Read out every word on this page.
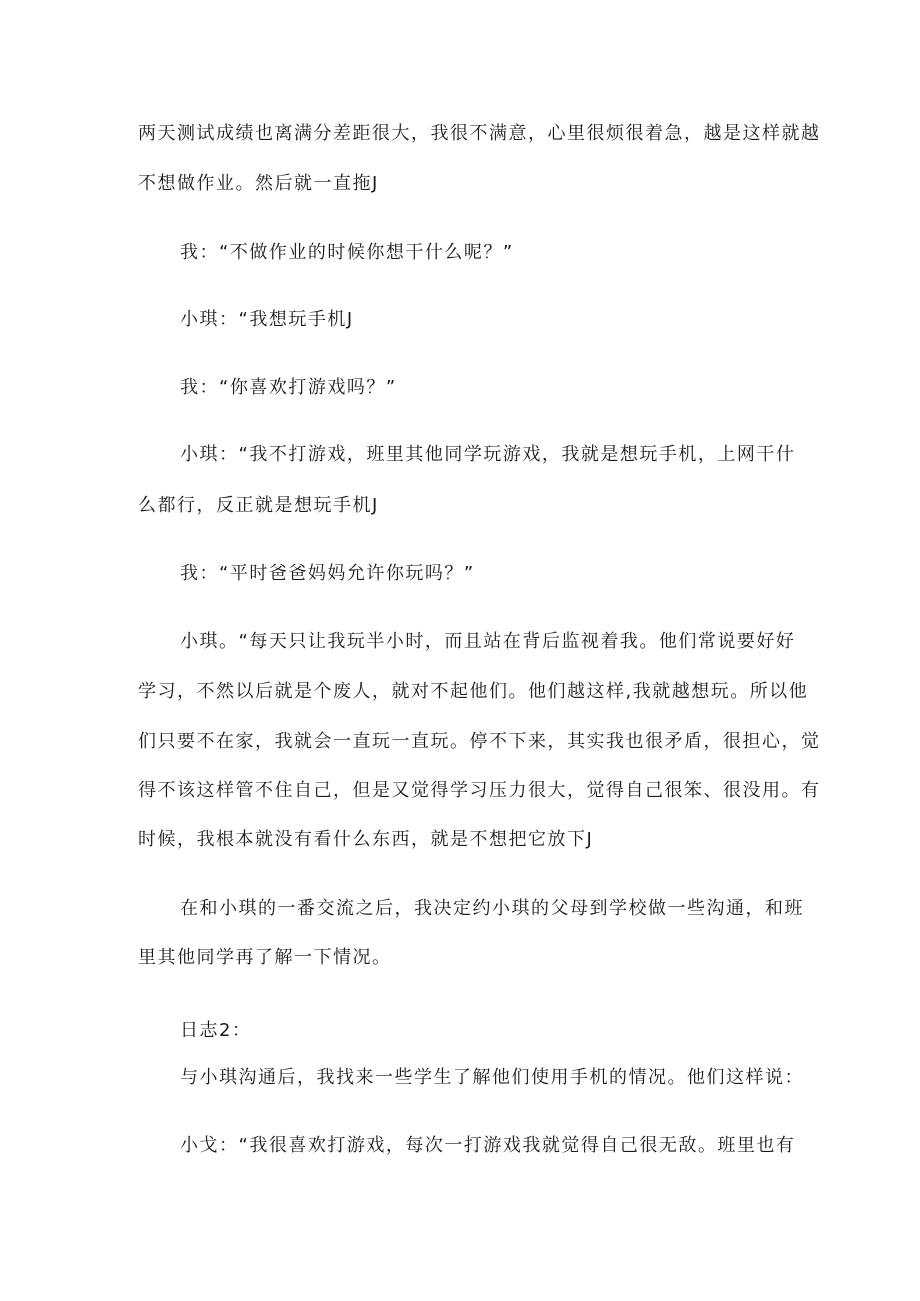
两天测试成绩也离满分差距很大，我很不满意，心里很烦很着急，越是这样就越
不想做作业。然后就一直拖J
我：“不做作业的时候你想干什么呢？”
小琪：“我想玩手机J
我：“你喜欢打游戏吗？”
小琪：“我不打游戏，班里其他同学玩游戏，我就是想玩手机，上网干什
么都行，反正就是想玩手机J
我：“平时爸爸妈妈允许你玩吗？”
小琪。“每天只让我玩半小时，而且站在背后监视着我。他们常说要好好
学习，不然以后就是个废人，就对不起他们。他们越这样,我就越想玩。所以他
们只要不在家，我就会一直玩一直玩。停不下来，其实我也很矛盾，很担心，觉
得不该这样管不住自己，但是又觉得学习压力很大，觉得自己很笨、很没用。有
时候，我根本就没有看什么东西，就是不想把它放下J
在和小琪的一番交流之后，我决定约小琪的父母到学校做一些沟通，和班
里其他同学再了解一下情况。
日志2：
与小琪沟通后，我找来一些学生了解他们使用手机的情况。他们这样说：
小戈：“我很喜欢打游戏，每次一打游戏我就觉得自己很无敌。班里也有
